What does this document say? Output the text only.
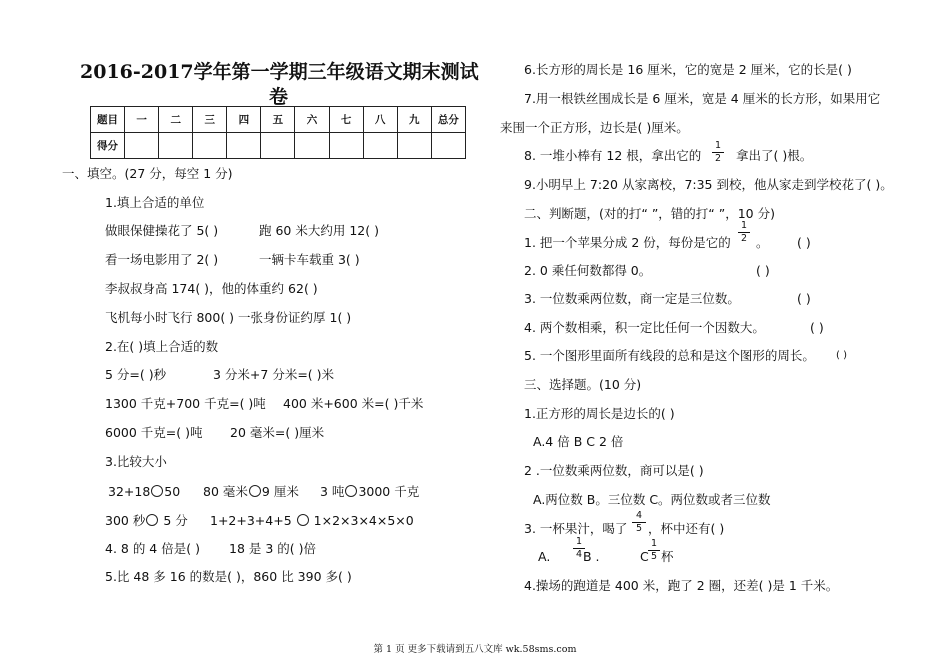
2016-2017学年第一学期三年级语文期末测试
卷
题目	一	二	三	四	五	六	七	八	九	总分
得分										
一、填空。(27 分，每空 1 分)
1.填上合适的单位
做眼保健操花了 5( )	跑 60 米大约用 12( )
看一场电影用了 2( )	一辆卡车载重 3( )
李叔叔身高 174( )，他的体重约 62( )
飞机每小时飞行 800( ) 一张身份证约厚 1( )
2.在( )填上合适的数
5 分=( )秒	3 分米+7 分米=( )米
1300 千克+700 千克=( )吨 400 米+600 米=( )千米
6000 千克=( )吨 20 毫米=( )厘米
3.比较大小
32+18 50 80 毫米 9 厘米 3 吨 3000 千克
300 秒 5 分 1+2+3+4+5 1×2×3×4×5×0
4. 8 的 4 倍是( ) 18 是 3 的( )倍
5.比 48 多 16 的数是( )，860 比 390 多( )
6.长方形的周长是 16 厘米，它的宽是 2 厘米，它的长是( )
7.用一根铁丝围成长是 6 厘米，宽是 4 厘米的长方形，如果用它
来围一个正方形，边长是( )厘米。
8. 一堆小棒有 12 根，拿出它的
1
2 拿出了( )根。
9.小明早上 7:20 从家离校，7:35 到校，他从家走到学校花了( )。
二、判断题，(对的打“ ”，错的打“ ”，10 分)
1. 把一个苹果分成 2 份，每份是它的
1
2 。 ( )
2. 0 乘任何数都得 0。	( )
3. 一位数乘两位数，商一定是三位数。	( )
4. 两个数相乘，积一定比任何一个因数大。	( )
5. 一个图形里面所有线段的总和是这个图形的周长。 ( )
三、选择题。(10 分)
1.正方形的周长是边长的( )
A.4 倍 B C 2 倍
2 .一位数乘两位数，商可以是( )
A.两位数 B。三位数 C。两位数或者三位数
3. 一杯果汁，喝了
4
5 ，杯中还有( )
A.
1
4 B .	C
1
5 杯
4.操场的跑道是 400 米，跑了 2 圈，还差( )是 1 千米。
第 1 页 更多下载请到五八文库 wk.58sms.com
